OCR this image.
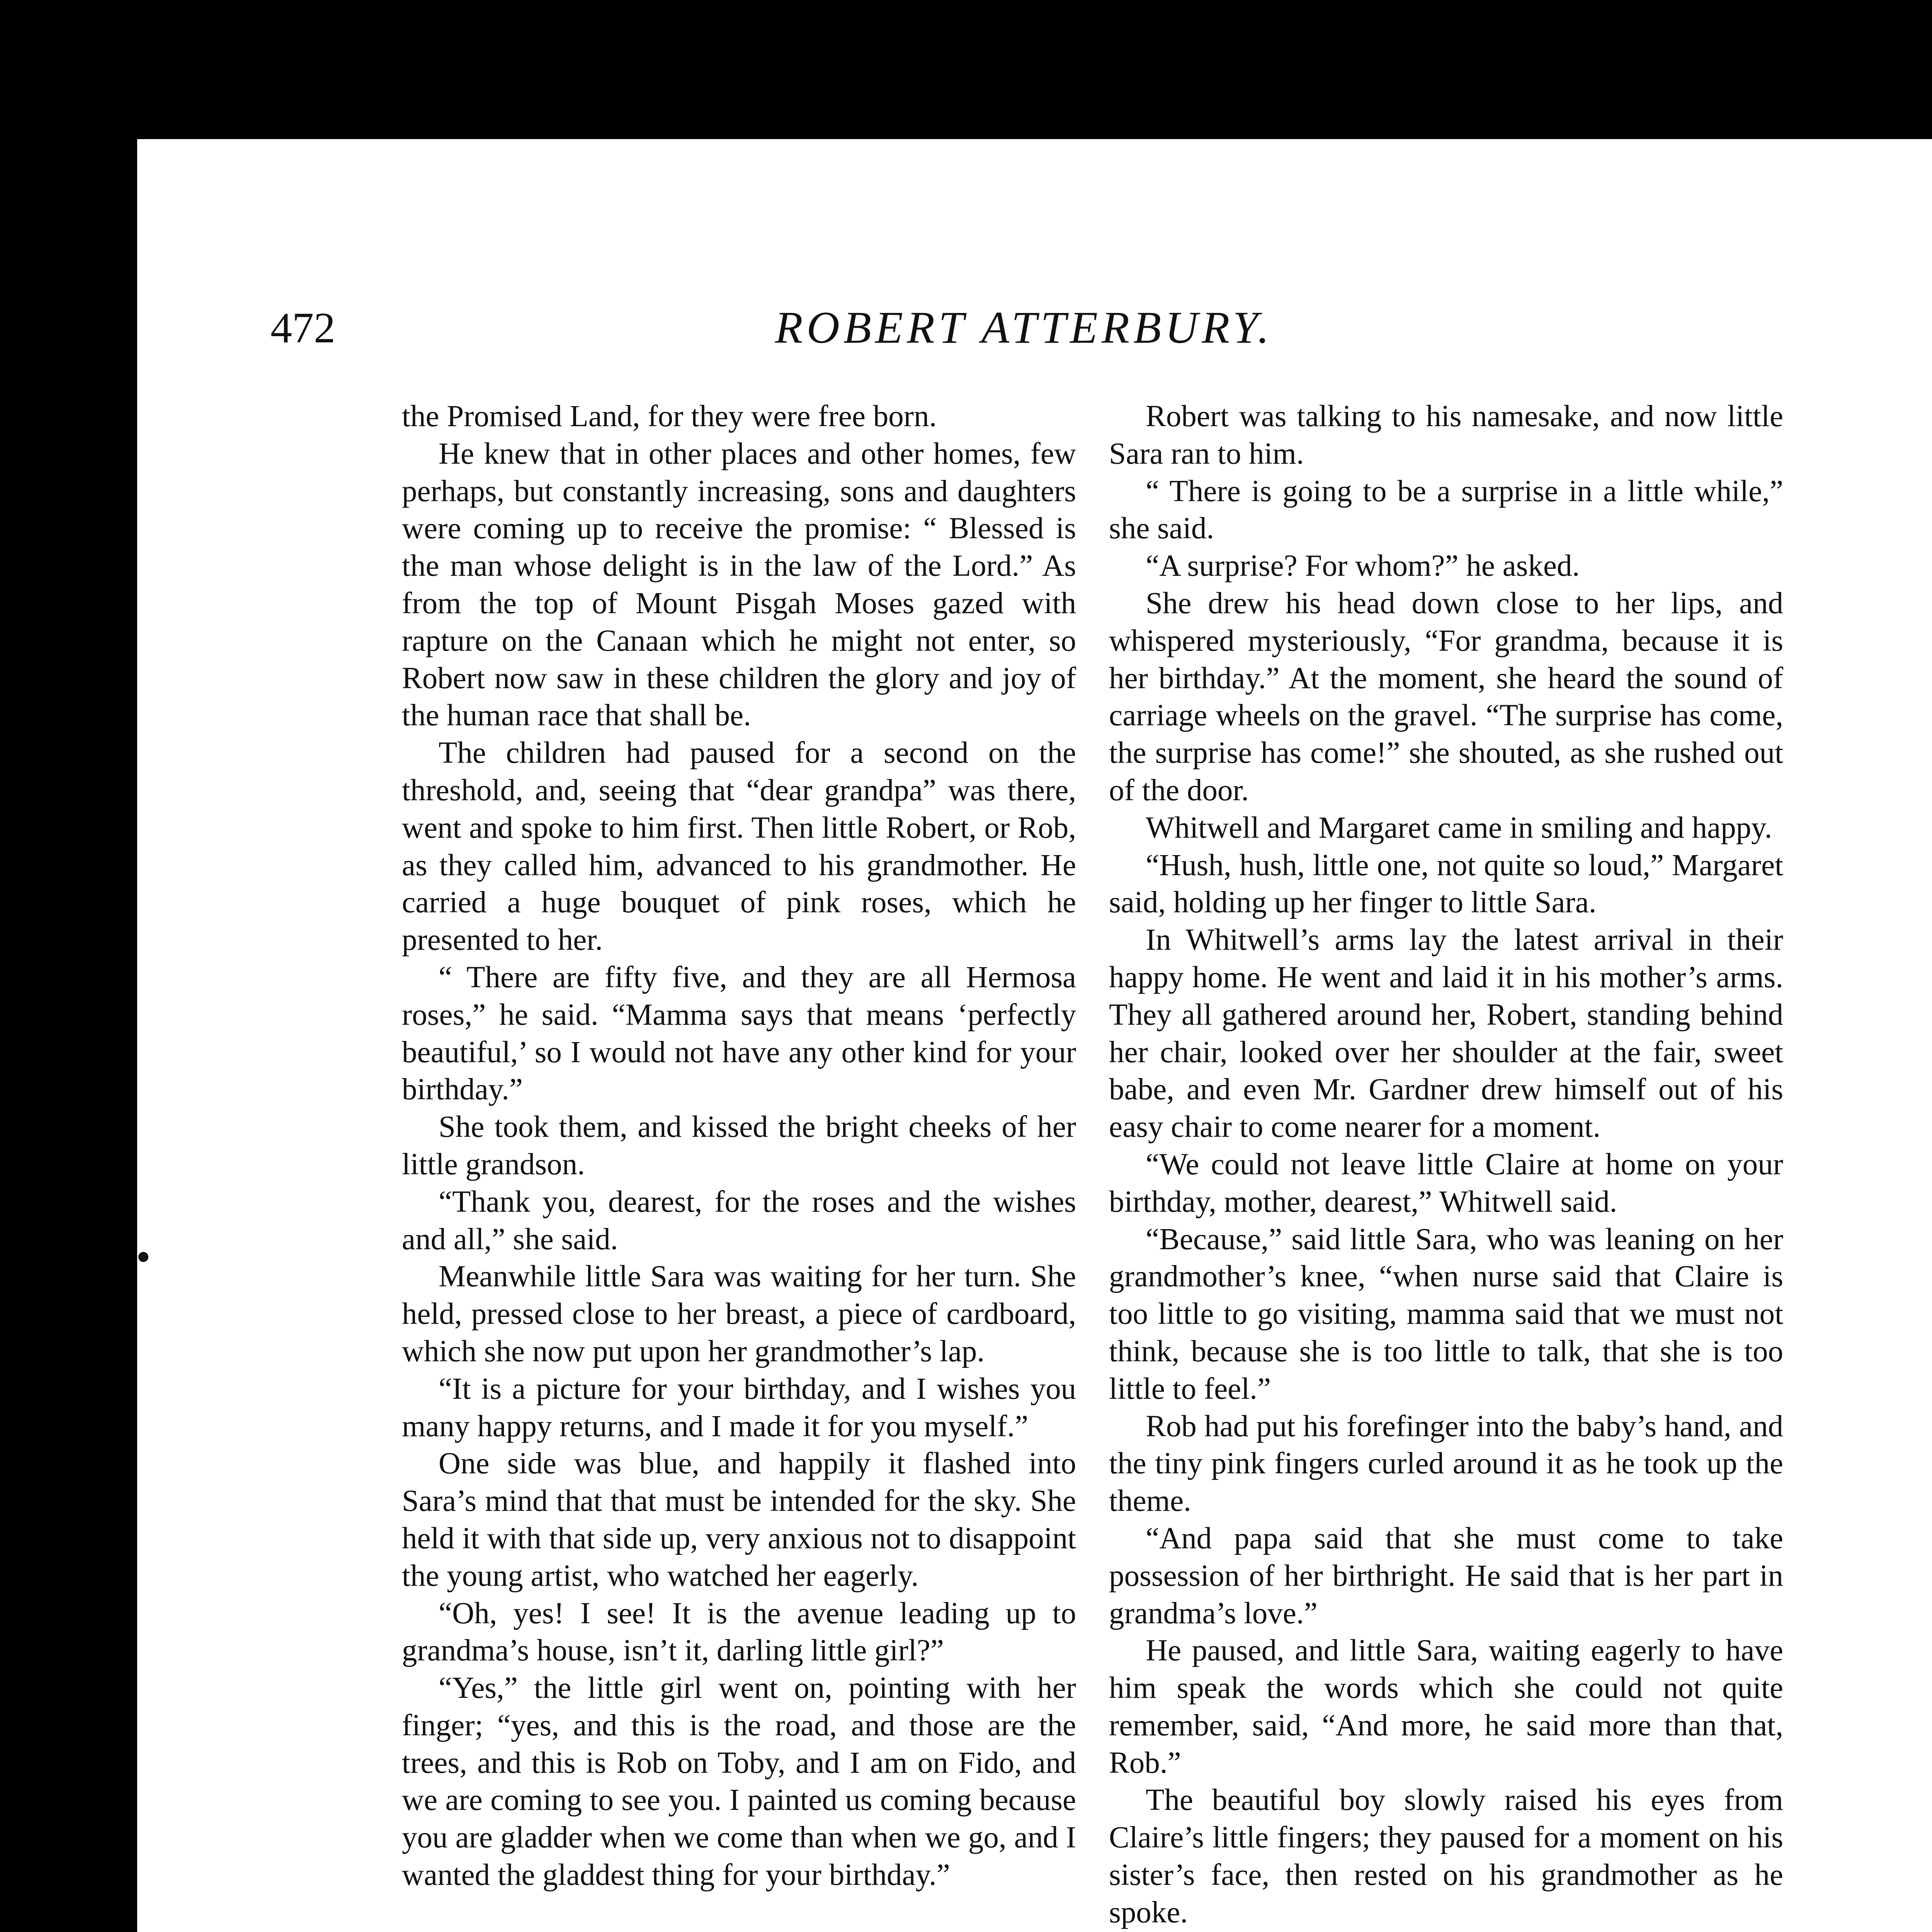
472	ROBERT ATTERBURY.

the Promised Land, for they were free born.

He knew that in other places and other homes, few perhaps, but constantly increasing, sons and daughters were coming up to receive the promise: “ Blessed is the man whose delight is in the law of the Lord.” As from the top of Mount Pisgah Moses gazed with rapture on the Canaan which he might not enter, so Robert now saw in these children the glory and joy of the human race that shall be.

The children had paused for a second on the threshold, and, seeing that “dear grandpa” was there, went and spoke to him first. Then little Robert, or Rob, as they called him, advanced to his grandmother. He carried a huge bouquet of pink roses, which he presented to her.

“ There are fifty five, and they are all Hermosa roses,” he said. “Mamma says that means ‘perfectly beautiful,’ so I would not have any other kind for your birthday.”

She took them, and kissed the bright cheeks of her little grandson.

“Thank you, dearest, for the roses and the wishes and all,” she said.

Meanwhile little Sara was waiting for her turn. She held, pressed close to her breast, a piece of cardboard, which she now put upon her grandmother’s lap.

“It is a picture for your birthday, and I wishes you many happy returns, and I made it for you myself.”

One side was blue, and happily it flashed into Sara’s mind that that must be intended for the sky. She held it with that side up, very anxious not to disappoint the young artist, who watched her eagerly.

“Oh, yes! I see! It is the avenue leading up to grandma’s house, isn’t it, darling little girl?”

“Yes,” the little girl went on, pointing with her finger; “yes, and this is the road, and those are the trees, and this is Rob on Toby, and I am on Fido, and we are coming to see you. I painted us coming because you are gladder when we come than when we go, and I wanted the gladdest thing for your birthday.”

Robert was talking to his namesake, and now little Sara ran to him.

“ There is going to be a surprise in a little while,” she said.

“A surprise? For whom?” he asked.

She drew his head down close to her lips, and whispered mysteriously, “For grandma, because it is her birthday.” At the moment, she heard the sound of carriage wheels on the gravel. “The surprise has come, the surprise has come!” she shouted, as she rushed out of the door.

Whitwell and Margaret came in smiling and happy.

“Hush, hush, little one, not quite so loud,” Margaret said, holding up her finger to little Sara.

In Whitwell’s arms lay the latest arrival in their happy home. He went and laid it in his mother’s arms. They all gathered around her, Robert, standing behind her chair, looked over her shoulder at the fair, sweet babe, and even Mr. Gardner drew himself out of his easy chair to come nearer for a moment.

“We could not leave little Claire at home on your birthday, mother, dearest,” Whitwell said.

“Because,” said little Sara, who was leaning on her grandmother’s knee, “when nurse said that Claire is too little to go visiting, mamma said that we must not think, because she is too little to talk, that she is too little to feel.”

Rob had put his forefinger into the baby’s hand, and the tiny pink fingers curled around it as he took up the theme.

“And papa said that she must come to take possession of her birthright. He said that is her part in grandma’s love.”

He paused, and little Sara, waiting eagerly to have him speak the words which she could not quite remember, said, “And more, he said more than that, Rob.”

The beautiful boy slowly raised his eyes from Claire’s little fingers; they paused for a moment on his sister’s face, then rested on his grandmother as he spoke.
